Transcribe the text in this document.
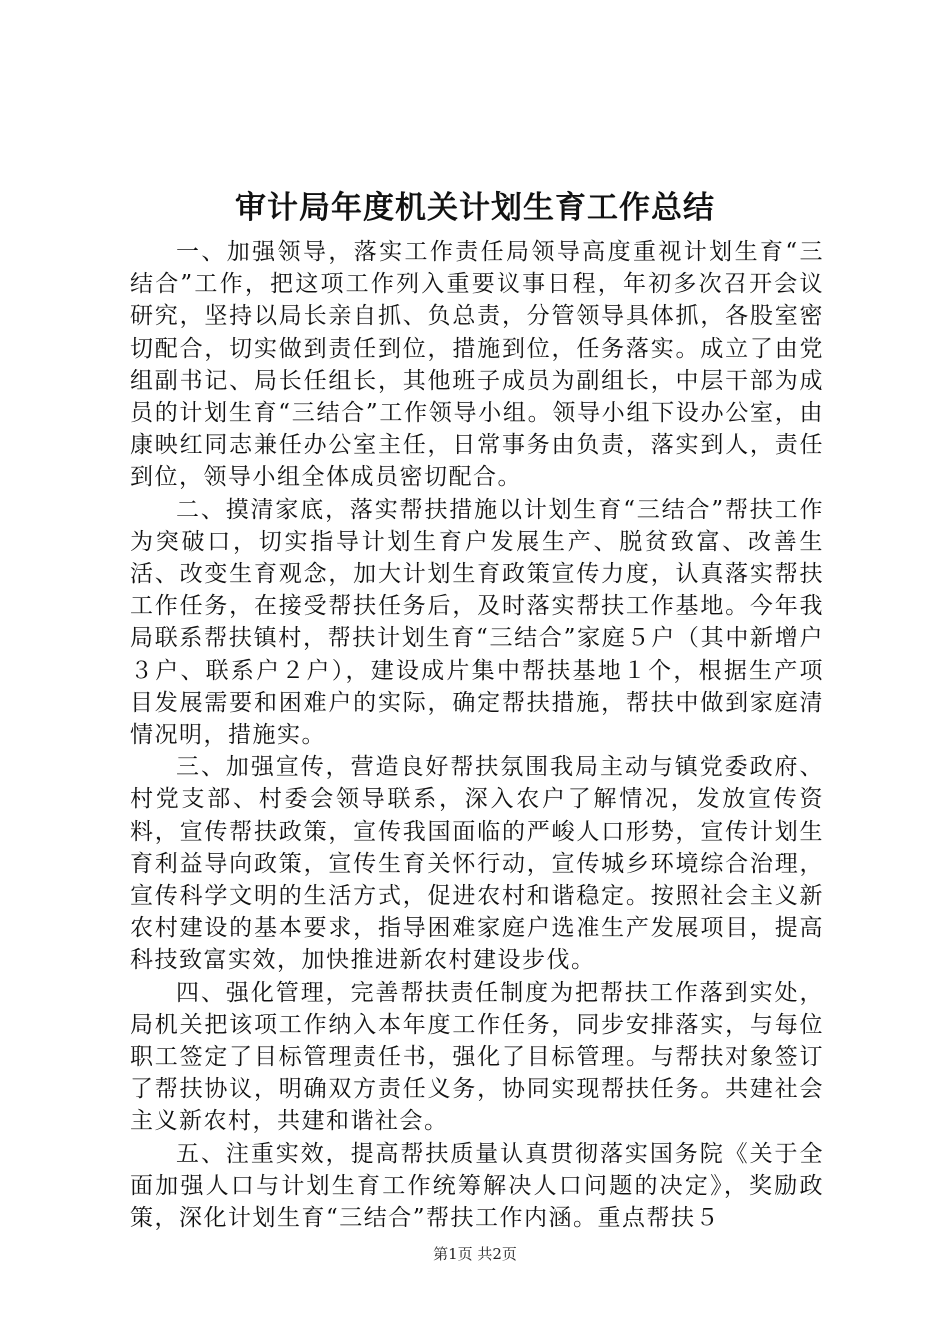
审计局年度机关计划生育工作总结

一、加强领导，落实工作责任局领导高度重视计划生育“三结合”工作，把这项工作列入重要议事日程，年初多次召开会议研究，坚持以局长亲自抓、负总责，分管领导具体抓，各股室密切配合，切实做到责任到位，措施到位，任务落实。成立了由党组副书记、局长任组长，其他班子成员为副组长，中层干部为成员的计划生育“三结合”工作领导小组。领导小组下设办公室，由康映红同志兼任办公室主任，日常事务由负责，落实到人，责任到位，领导小组全体成员密切配合。

二、摸清家底，落实帮扶措施以计划生育“三结合”帮扶工作为突破口，切实指导计划生育户发展生产、脱贫致富、改善生活、改变生育观念，加大计划生育政策宣传力度，认真落实帮扶工作任务，在接受帮扶任务后，及时落实帮扶工作基地。今年我局联系帮扶镇村，帮扶计划生育“三结合”家庭５户（其中新增户３户、联系户２户），建设成片集中帮扶基地１个，根据生产项目发展需要和困难户的实际，确定帮扶措施，帮扶中做到家庭清情况明，措施实。

三、加强宣传，营造良好帮扶氛围我局主动与镇党委政府、村党支部、村委会领导联系，深入农户了解情况，发放宣传资料，宣传帮扶政策，宣传我国面临的严峻人口形势，宣传计划生育利益导向政策，宣传生育关怀行动，宣传城乡环境综合治理，宣传科学文明的生活方式，促进农村和谐稳定。按照社会主义新农村建设的基本要求，指导困难家庭户选准生产发展项目，提高科技致富实效，加快推进新农村建设步伐。

四、强化管理，完善帮扶责任制度为把帮扶工作落到实处，局机关把该项工作纳入本年度工作任务，同步安排落实，与每位职工签定了目标管理责任书，强化了目标管理。与帮扶对象签订了帮扶协议，明确双方责任义务，协同实现帮扶任务。共建社会主义新农村，共建和谐社会。

五、注重实效，提高帮扶质量认真贯彻落实国务院《关于全面加强人口与计划生育工作统筹解决人口问题的决定》，奖励政策，深化计划生育“三结合”帮扶工作内涵。重点帮扶５

第1页 共2页
